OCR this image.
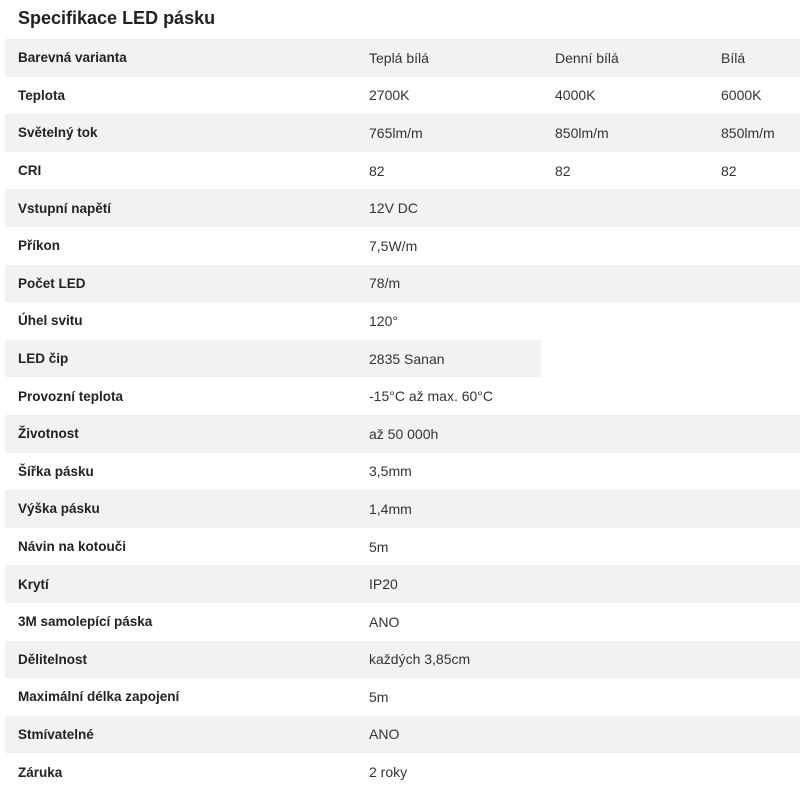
Specifikace LED pásku
Barevná varianta	Teplá bílá	Denní bílá	Bílá
Teplota	2700K	4000K	6000K
Světelný tok	765lm/m	850lm/m	850lm/m
CRI	82	82	82
Vstupní napětí	12V DC
Příkon	7,5W/m
Počet LED	78/m
Úhel svitu	120°
LED čip	2835 Sanan
Provozní teplota	-15°C až max. 60°C
Životnost	až 50 000h
Šířka pásku	3,5mm
Výška pásku	1,4mm
Návin na kotouči	5m
Krytí	IP20
3M samolepící páska	ANO
Dělitelnost	každých 3,85cm
Maximální délka zapojení	5m
Stmívatelné	ANO
Záruka	2 roky
